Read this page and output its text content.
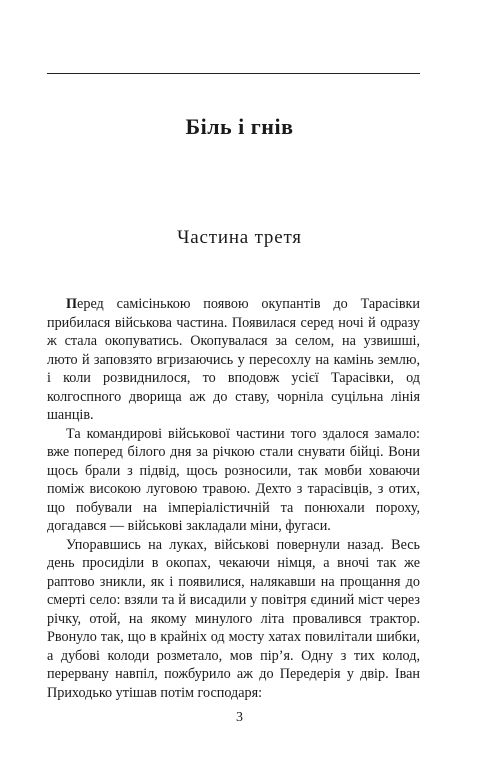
Біль і гнів
Частина третя

Перед самісінькою появою окупантів до Тарасівки прибилася військова частина. Появилася серед ночі й одразу ж стала окопуватись. Окопувалася за селом, на узвишші, люто й заповзято вгризаючись у пересохлу на камінь землю, і коли розвиднилося, то вподовж усієї Тарасівки, од колгоспного дворища аж до ставу, чорніла суцільна лінія шанців.

Та командирові військової частини того здалося замало: вже поперед білого дня за річкою стали снувати бійці. Вони щось брали з підвід, щось розносили, так мовби ховаючи поміж високою луговою травою. Дехто з тарасівців, з отих, що побували на імперіалістичній та понюхали пороху, догадався — військові закладали міни, фугаси.

Упоравшись на луках, військові повернули назад. Весь день просиділи в окопах, чекаючи німця, а вночі так же раптово зникли, як і появилися, налякавши на прощання до смерті село: взяли та й висадили у повітря єдиний міст через річку, отой, на якому минулого літа провалився трактор. Рвонуло так, що в крайніх од мосту хатах повилітали шибки, а дубові колоди розметало, мов пір’я. Одну з тих колод, перервану навпіл, пожбурило аж до Передерія у двір. Іван Приходько утішав потім господаря:

3
